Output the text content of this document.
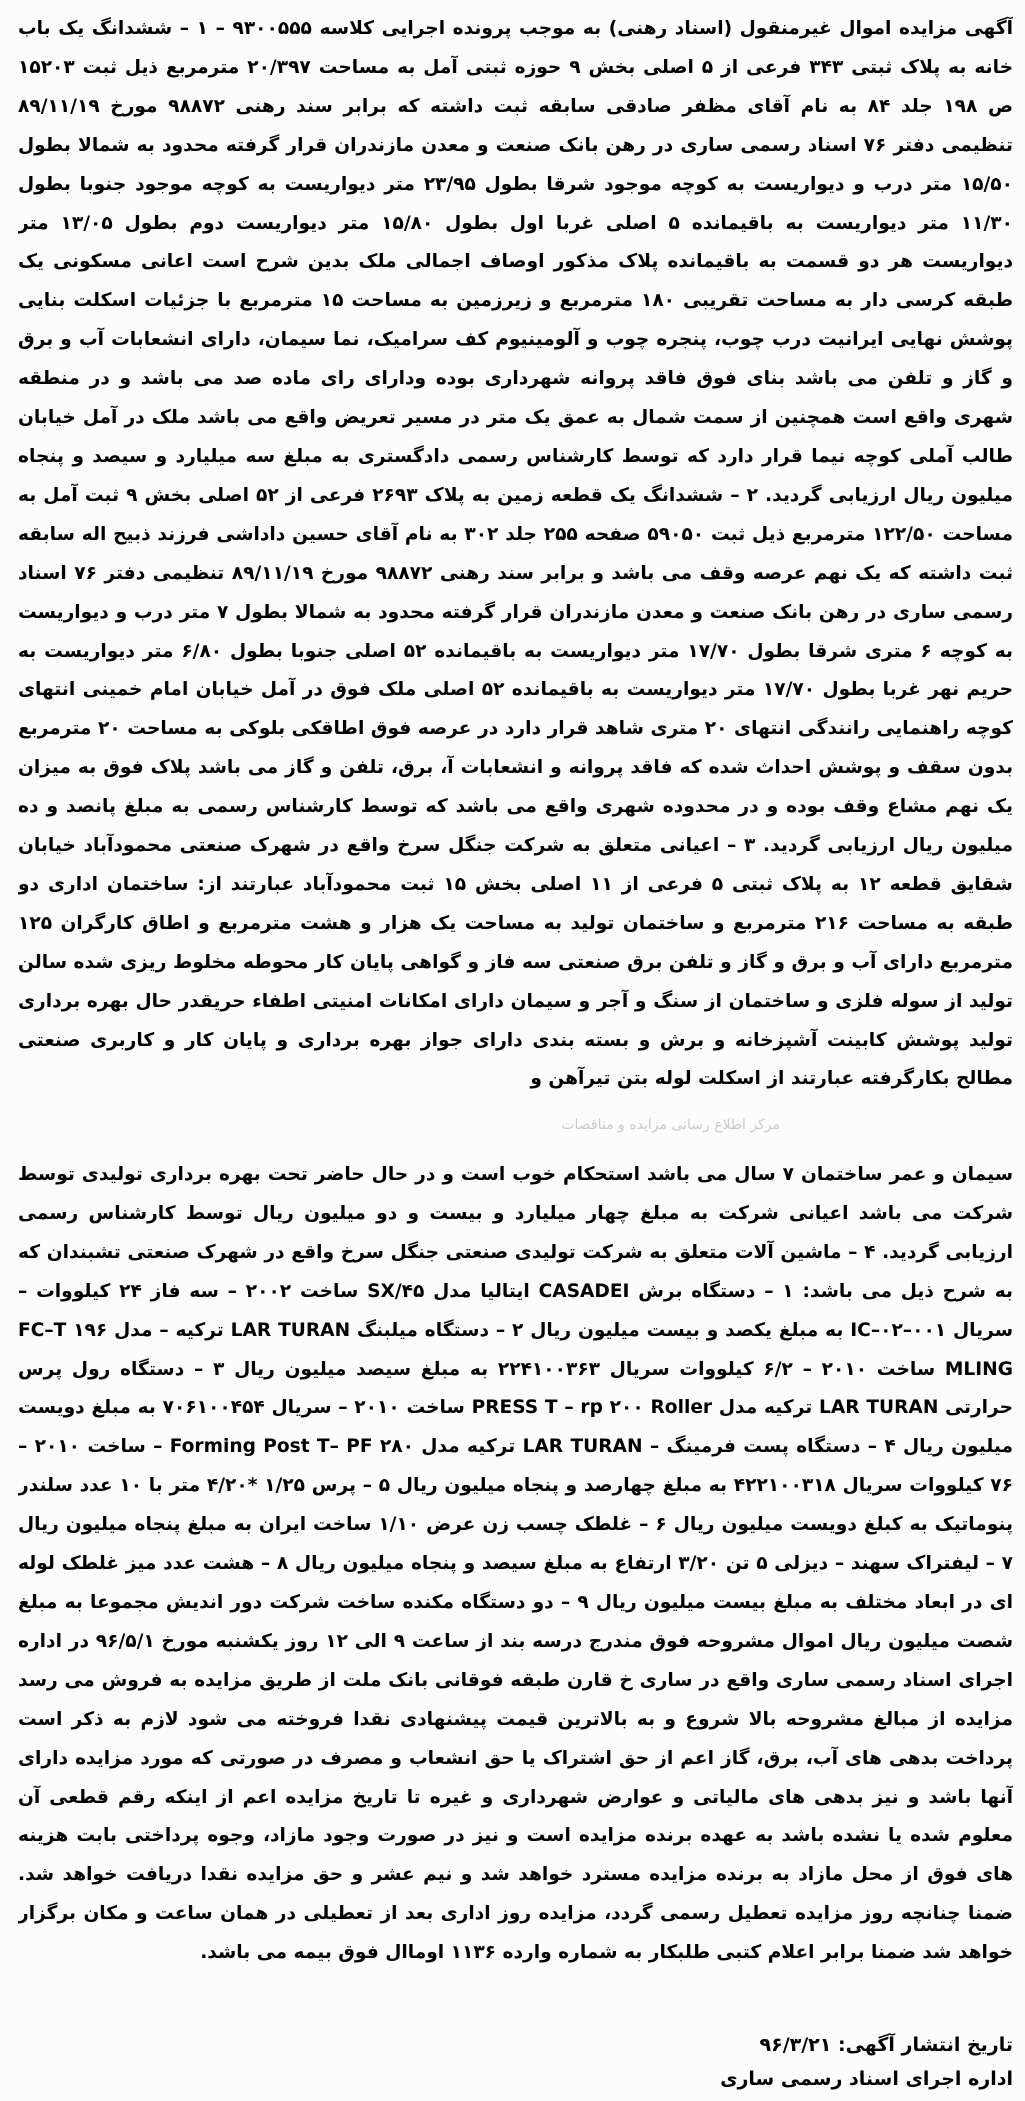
آگهی مزایده اموال غیرمنقول (اسناد رهنی) به موجب پرونده اجرایی کلاسه ۹۳۰۰۵۵۵ – ۱ – ششدانگ یک باب خانه به پلاک ثبتی ۳۴۳ فرعی از ۵ اصلی بخش ۹ حوزه ثبتی آمل به مساحت ۲۰/۳۹۷ مترمربع ذیل ثبت ۱۵۲۰۳ ص ۱۹۸ جلد ۸۴ به نام آقای مظفر صادقی سابقه ثبت داشته که برابر سند رهنی ۹۸۸۷۲ مورخ ۸۹/۱۱/۱۹ تنظیمی دفتر ۷۶ اسناد رسمی ساری در رهن بانک صنعت و معدن مازندران قرار گرفته محدود به شمالا بطول ۱۵/۵۰ متر درب و دیواریست به کوچه موجود شرقا بطول ۲۳/۹۵ متر دیواریست به کوچه موجود جنوبا بطول ۱۱/۳۰ متر دیواریست به باقیمانده ۵ اصلی غربا اول بطول ۱۵/۸۰ متر دیواریست دوم بطول ۱۳/۰۵ متر دیواریست هر دو قسمت به باقیمانده پلاک مذکور اوصاف اجمالی ملک بدین شرح است اعانی مسکونی یک طبقه کرسی دار به مساحت تقریبی ۱۸۰ مترمربع و زیرزمین به مساحت ۱۵ مترمربع با جزئیات اسکلت بنایی پوشش نهایی ایرانیت درب چوب، پنجره چوب و آلومینیوم کف سرامیک، نما سیمان، دارای انشعابات آب و برق و گاز و تلفن می باشد بنای فوق فاقد پروانه شهرداری بوده ودارای رای ماده صد می باشد و در منطقه شهری واقع است همچنین از سمت شمال به عمق یک متر در مسیر تعریض واقع می باشد ملک در آمل خیابان طالب آملی کوچه نیما قرار دارد که توسط کارشناس رسمی دادگستری به مبلغ سه میلیارد و سیصد و پنجاه میلیون ریال ارزیابی گردید. ۲ – ششدانگ یک قطعه زمین به پلاک ۲۶۹۳ فرعی از ۵۲ اصلی بخش ۹ ثبت آمل به مساحت ۱۲۲/۵۰ مترمربع ذیل ثبت ۵۹۰۵۰ صفحه ۲۵۵ جلد ۳۰۲ به نام آقای حسین داداشی فرزند ذبیح اله سابقه ثبت داشته که یک نهم عرصه وقف می باشد و برابر سند رهنی ۹۸۸۷۲ مورخ ۸۹/۱۱/۱۹ تنظیمی دفتر ۷۶ اسناد رسمی ساری در رهن بانک صنعت و معدن مازندران قرار گرفته محدود به شمالا بطول ۷ متر درب و دیواریست به کوچه ۶ متری شرقا بطول ۱۷/۷۰ متر دیواریست به باقیمانده ۵۲ اصلی جنوبا بطول ۶/۸۰ متر دیواریست به حریم نهر غربا بطول ۱۷/۷۰ متر دیواریست به باقیمانده ۵۲ اصلی ملک فوق در آمل خیابان امام خمینی انتهای کوچه راهنمایی رانندگی انتهای ۲۰ متری شاهد قرار دارد در عرصه فوق اطاقکی بلوکی به مساحت ۲۰ مترمربع بدون سقف و پوشش احداث شده که فاقد پروانه و انشعابات آ، برق، تلفن و گاز می باشد پلاک فوق به میزان یک نهم مشاع وقف بوده و در محدوده شهری واقع می باشد که توسط کارشناس رسمی به مبلغ پانصد و ده میلیون ریال ارزیابی گردید. ۳ – اعیانی متعلق به شرکت جنگل سرخ واقع در شهرک صنعتی محمودآباد خیابان شقایق قطعه ۱۲ به پلاک ثبتی ۵ فرعی از ۱۱ اصلی بخش ۱۵ ثبت محمودآباد عبارتند از: ساختمان اداری دو طبقه به مساحت ۲۱۶ مترمربع و ساختمان تولید به مساحت یک هزار و هشت مترمربع و اطاق کارگران ۱۲۵ مترمربع دارای آب و برق و گاز و تلفن برق صنعتی سه فاز و گواهی پایان کار محوطه مخلوط ریزی شده سالن تولید از سوله فلزی و ساختمان از سنگ و آجر و سیمان دارای امکانات امنیتی اطفاء حریقدر حال بهره برداری تولید پوشش کابینت آشپزخانه و برش و بسته بندی دارای جواز بهره برداری و پایان کار و کاربری صنعتی مطالح بکارگرفته عبارتند از اسکلت لوله بتن تیرآهن و

مرکز اطلاع رسانی مزایده و مناقصات

سیمان و عمر ساختمان ۷ سال می باشد استحکام خوب است و در حال حاضر تحت بهره برداری تولیدی توسط شرکت می باشد اعیانی شرکت به مبلغ چهار میلیارد و بیست و دو میلیون ریال توسط کارشناس رسمی ارزیابی گردید. ۴ – ماشین آلات متعلق به شرکت تولیدی صنعتی جنگل سرخ واقع در شهرک صنعتی تشبندان که به شرح ذیل می باشد: ۱ – دستگاه برش CASADEI ایتالیا مدل SX/۴۵ ساخت ۲۰۰۲ – سه فاز ۲۴ کیلووات – سریال IC–۰۲–۰۰۱ به مبلغ یکصد و بیست میلیون ریال ۲ – دستگاه میلبنگ LAR TURAN ترکیه – مدل FC–T ۱۹۶ MLING ساخت ۲۰۱۰ – ۶/۲ کیلووات سریال ۲۲۴۱۰۰۳۶۳ به مبلغ سیصد میلیون ریال ۳ – دستگاه رول پرس حرارتی LAR TURAN ترکیه مدل PRESS T – rp ۲۰۰ Roller ساخت ۲۰۱۰ – سریال ۷۰۶۱۰۰۴۵۴ به مبلغ دویست میلیون ریال ۴ – دستگاه پست فرمینگ – LAR TURAN ترکیه مدل Forming Post T– PF ۲۸۰ – ساخت ۲۰۱۰ – ۷۶ کیلووات سریال ۴۲۲۱۰۰۳۱۸ به مبلغ چهارصد و پنجاه میلیون ریال ۵ – پرس ۱/۲۵ *۴/۲۰ متر با ۱۰ عدد سلندر پنوماتیک به کبلغ دویست میلیون ریال ۶ – غلطک چسب زن عرض ۱/۱۰ ساخت ایران به مبلغ پنجاه میلیون ریال ۷ – لیفتراک سهند – دیزلی ۵ تن ۳/۲۰ ارتفاع به مبلغ سیصد و پنجاه میلیون ریال ۸ – هشت عدد میز غلطک لوله ای در ابعاد مختلف به مبلغ بیست میلیون ریال ۹ – دو دستگاه مکنده ساخت شرکت دور اندیش مجموعا به مبلغ شصت میلیون ریال اموال مشروحه فوق مندرج درسه بند از ساعت ۹ الی ۱۲ روز یکشنبه مورخ ۹۶/۵/۱ در اداره اجرای اسناد رسمی ساری واقع در ساری خ قارن طبقه فوقانی بانک ملت از طریق مزایده به فروش می رسد مزایده از مبالغ مشروحه بالا شروع و به بالاترین قیمت پیشنهادی نقدا فروخته می شود لازم به ذکر است پرداخت بدهی های آب، برق، گاز اعم از حق اشتراک یا حق انشعاب و مصرف در صورتی که مورد مزایده دارای آنها باشد و نیز بدهی های مالیاتی و عوارض شهرداری و غیره تا تاریخ مزایده اعم از اینکه رقم قطعی آن معلوم شده یا نشده باشد به عهده برنده مزایده است و نیز در صورت وجود مازاد، وجوه پرداختی بابت هزینه های فوق از محل مازاد به برنده مزایده مسترد خواهد شد و نیم عشر و حق مزایده نقدا دریافت خواهد شد. ضمنا چنانچه روز مزایده تعطیل رسمی گردد، مزایده روز اداری بعد از تعطیلی در همان ساعت و مکان برگزار خواهد شد ضمنا برابر اعلام کتبی طلبکار به شماره وارده ۱۱۳۶ اوماال فوق بیمه می باشد.

تاریخ انتشار آگهی: ۹۶/۳/۲۱
اداره اجرای اسناد رسمی ساری
